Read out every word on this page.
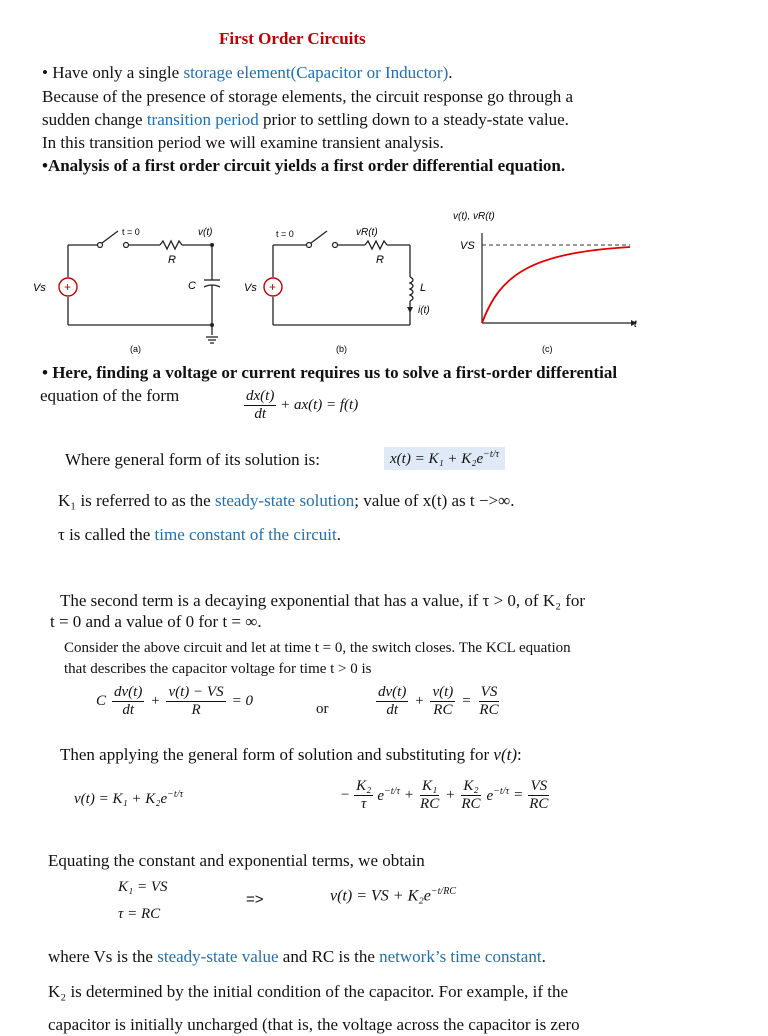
First Order Circuits
• Have only a single storage element(Capacitor or Inductor).
Because of the presence of storage elements, the circuit response go through a
sudden change transition period prior to settling down to a steady-state value.
In this transition period we will examine transient analysis.
•Analysis of a first order circuit yields a first order differential equation.
+
Vs
t = 0	v(t)
R
C
(a)
+
Vs
t = 0	vR(t)
R
L
i(t)
(b)
v(t), vR(t)
VS
t
(c)
• Here, finding a voltage or current requires us to solve a first-order differential
equation of the form	$\frac{dx(t)}{dt} + ax(t) = f(t)$
Where general form of its solution is:	$x(t) = K_1 + K_2e^{-t/\tau}$
K₁ is referred to as the steady-state solution; value of x(t) as t −>∞.
τ is called the time constant of the circuit.
The second term is a decaying exponential that has a value, if τ > 0, of K₂ for
t = 0 and a value of 0 for t = ∞.
Consider the above circuit and let at time t = 0, the switch closes. The KCL equation
that describes the capacitor voltage for time t > 0 is
C $\frac{dv(t)}{dt} + \frac{v(t) - VS}{R} = 0$	or	$\frac{dv(t)}{dt} + \frac{v(t)}{RC} = \frac{VS}{RC}$
Then applying the general form of solution and substituting for v(t):
$v(t) = K_1 + K_2e^{-t/\tau}$	− $\frac{\text{K₂}}{\tau} e^{-t/\tau} + \frac{\text{K₁}}{RC} + \frac{\text{K₂}}{RC} e^{-t/\tau} = \frac{VS}{RC}$
Equating the constant and exponential terms, we obtain
K₁ = VS
τ = RC
=>	v(t) = VS + $K_2e^{-t/RC}$
where Vs is the steady-state value and RC is the network’s time constant.
K₂ is determined by the initial condition of the capacitor. For example, if the
capacitor is initially uncharged (that is, the voltage across the capacitor is zero
